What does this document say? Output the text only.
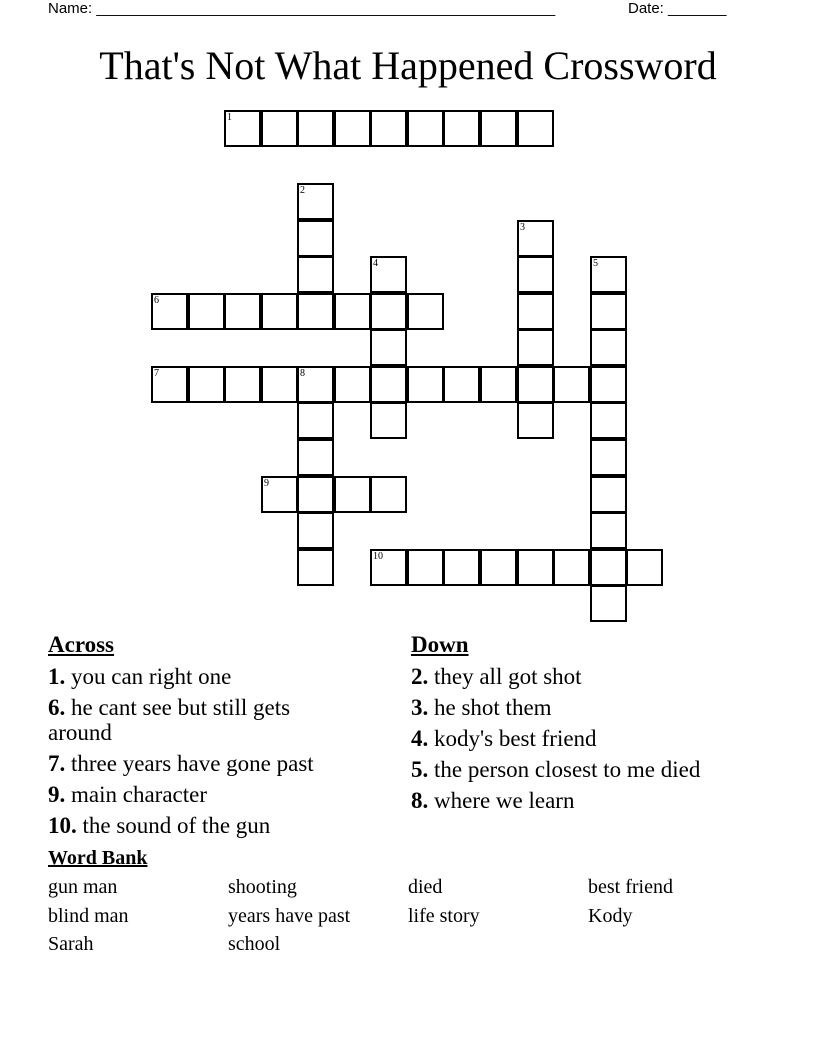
Name: _______________________________________________________	Date: _______
That's Not What Happened Crossword
1
6
7	8
9
10
2
3
4	5
Across
1. you can right one
6. he cant see but still gets around
7. three years have gone past
9. main character
10. the sound of the gun
Down
2. they all got shot
3. he shot them
4. kody's best friend
5. the person closest to me died
8. where we learn
Word Bank
gun man	shooting	died	best friend
blind man	years have past	life story	Kody
Sarah	school
